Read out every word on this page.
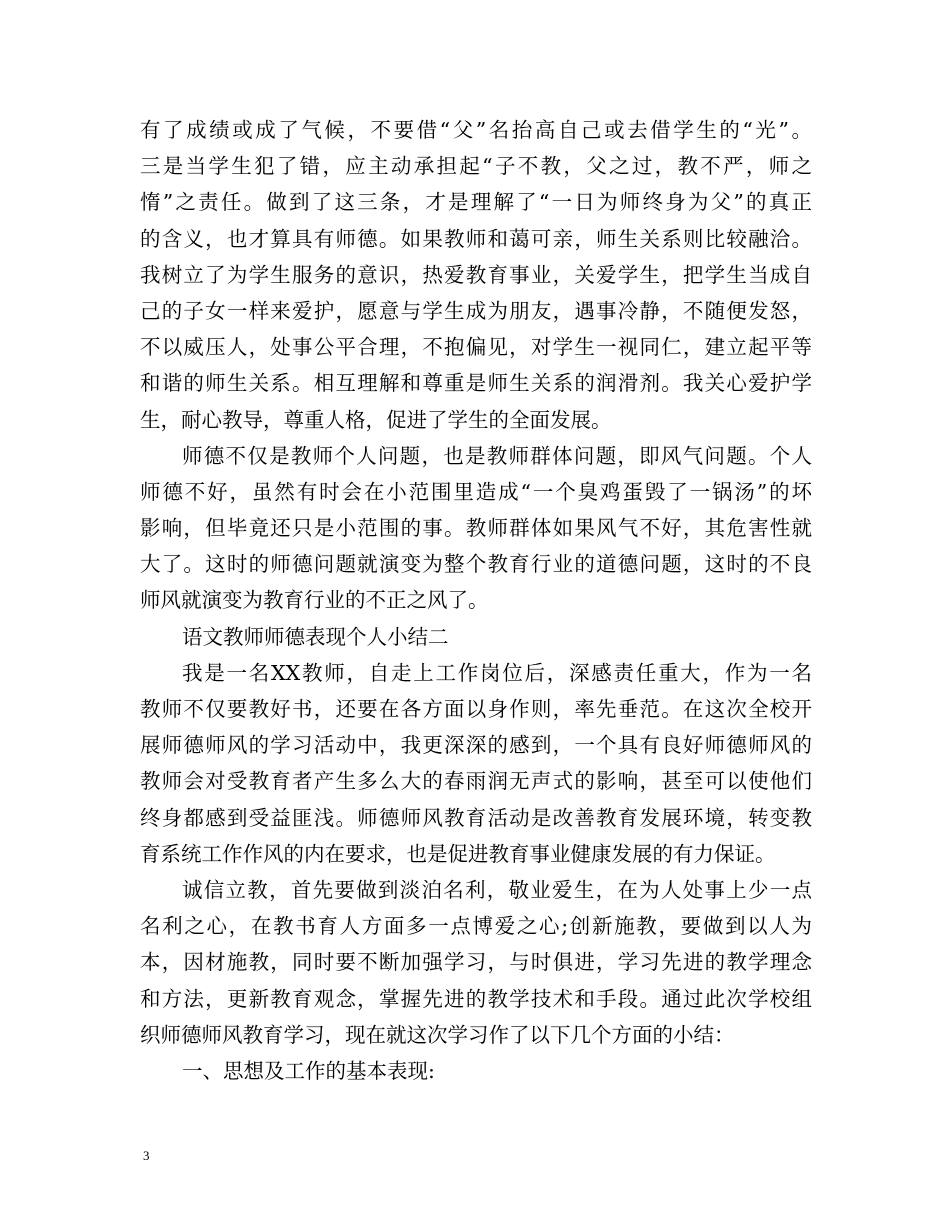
有了成绩或成了气候，不要借“父”名抬高自己或去借学生的“光”。
三是当学生犯了错，应主动承担起“子不教，父之过，教不严，师之
惰”之责任。做到了这三条，才是理解了“一日为师终身为父”的真正
的含义，也才算具有师德。如果教师和蔼可亲，师生关系则比较融洽。
我树立了为学生服务的意识，热爱教育事业，关爱学生，把学生当成自
己的子女一样来爱护，愿意与学生成为朋友，遇事冷静，不随便发怒，
不以威压人，处事公平合理，不抱偏见，对学生一视同仁，建立起平等
和谐的师生关系。相互理解和尊重是师生关系的润滑剂。我关心爱护学
生，耐心教导，尊重人格，促进了学生的全面发展。
师德不仅是教师个人问题，也是教师群体问题，即风气问题。个人
师德不好，虽然有时会在小范围里造成“一个臭鸡蛋毁了一锅汤”的坏
影响，但毕竟还只是小范围的事。教师群体如果风气不好，其危害性就
大了。这时的师德问题就演变为整个教育行业的道德问题，这时的不良
师风就演变为教育行业的不正之风了。
语文教师师德表现个人小结二
我是一名XX教师，自走上工作岗位后，深感责任重大，作为一名
教师不仅要教好书，还要在各方面以身作则，率先垂范。在这次全校开
展师德师风的学习活动中，我更深深的感到，一个具有良好师德师风的
教师会对受教育者产生多么大的春雨润无声式的影响，甚至可以使他们
终身都感到受益匪浅。师德师风教育活动是改善教育发展环境，转变教
育系统工作作风的内在要求，也是促进教育事业健康发展的有力保证。
诚信立教，首先要做到淡泊名利，敬业爱生，在为人处事上少一点
名利之心，在教书育人方面多一点博爱之心;创新施教，要做到以人为
本，因材施教，同时要不断加强学习，与时俱进，学习先进的教学理念
和方法，更新教育观念，掌握先进的教学技术和手段。通过此次学校组
织师德师风教育学习，现在就这次学习作了以下几个方面的小结：
一、思想及工作的基本表现:
3
